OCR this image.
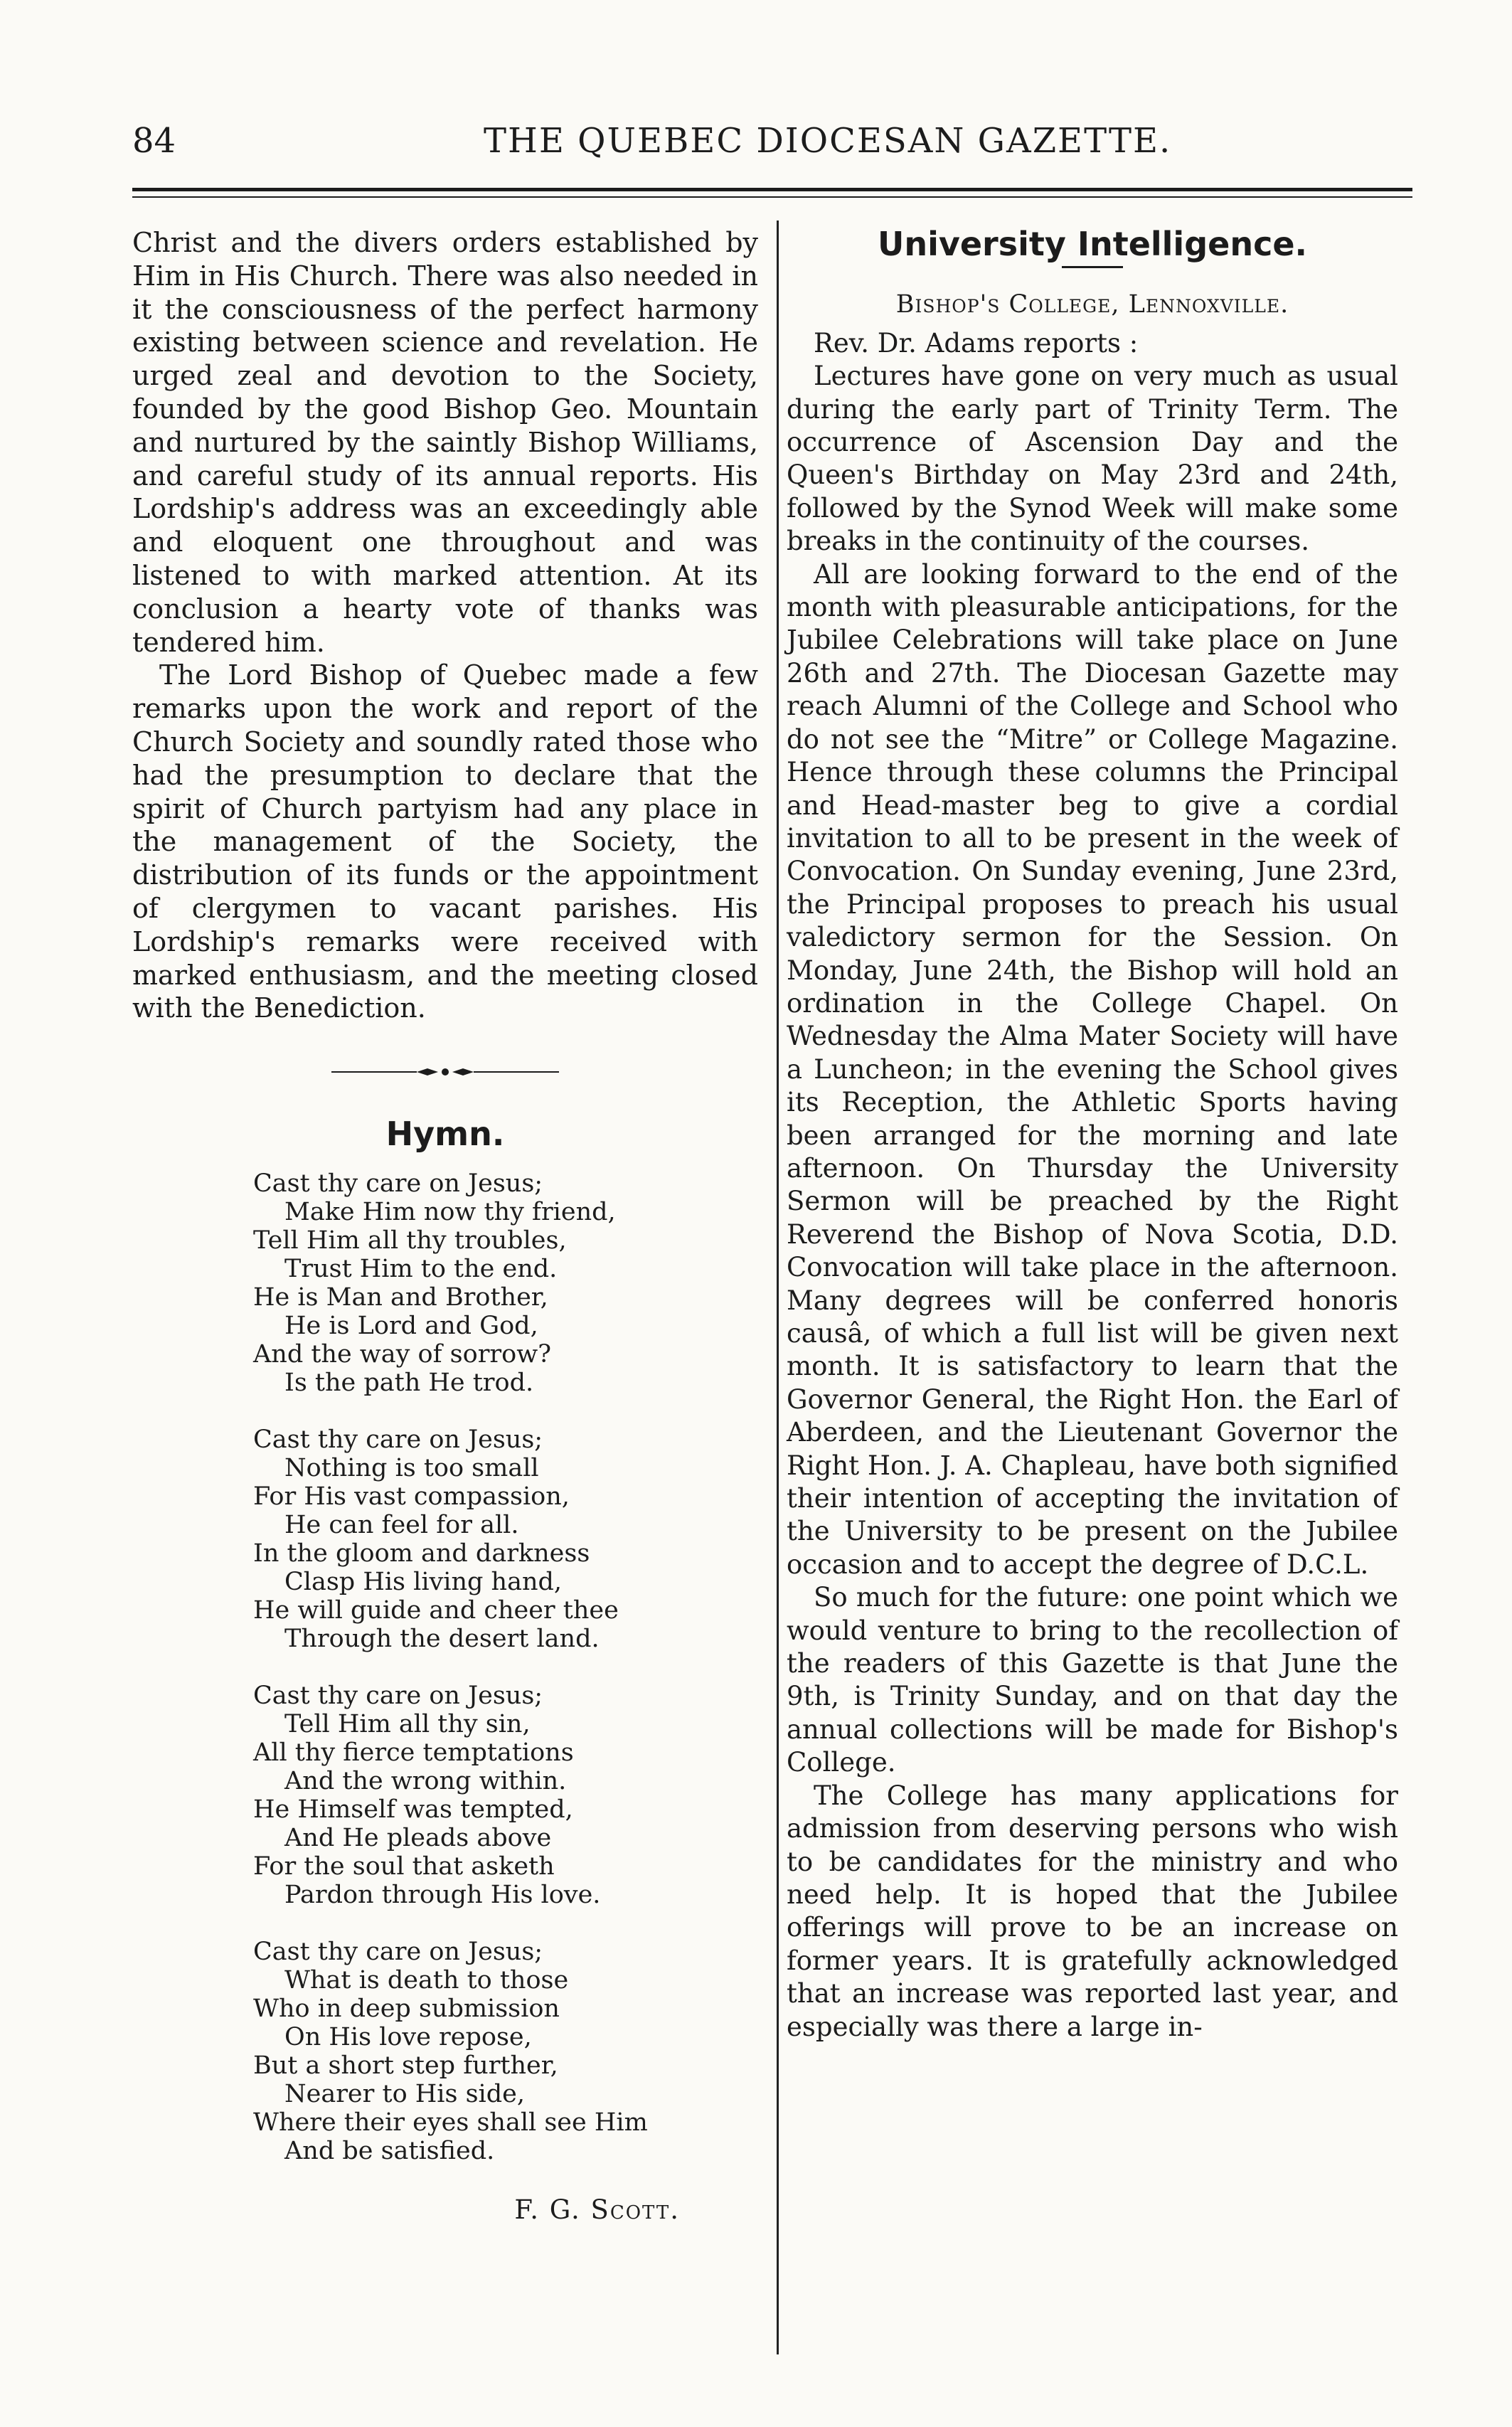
84	THE QUEBEC DIOCESAN GAZETTE.

Christ and the divers orders established by Him in His Church. There was also needed in it the consciousness of the perfect harmony existing between science and revelation. He urged zeal and devotion to the Society, founded by the good Bishop Geo. Mountain and nurtured by the saintly Bishop Williams, and careful study of its annual reports. His Lordship's address was an exceedingly able and eloquent one throughout and was listened to with marked attention. At its conclusion a hearty vote of thanks was tendered him.

The Lord Bishop of Quebec made a few remarks upon the work and report of the Church Society and soundly rated those who had the presumption to declare that the spirit of Church partyism had any place in the management of the Society, the distribution of its funds or the appointment of clergymen to vacant parishes. His Lordship's remarks were received with marked enthusiasm, and the meeting closed with the Benediction.

Hymn.
Cast thy care on Jesus;
Make Him now thy friend,
Tell Him all thy troubles,
Trust Him to the end.
He is Man and Brother,
He is Lord and God,
And the way of sorrow?
Is the path He trod.
Cast thy care on Jesus;
Nothing is too small
For His vast compassion,
He can feel for all.
In the gloom and darkness
Clasp His living hand,
He will guide and cheer thee
Through the desert land.
Cast thy care on Jesus;
Tell Him all thy sin,
All thy fierce temptations
And the wrong within.
He Himself was tempted,
And He pleads above
For the soul that asketh
Pardon through His love.
Cast thy care on Jesus;
What is death to those
Who in deep submission
On His love repose,
But a short step further,
Nearer to His side,
Where their eyes shall see Him
And be satisfied.
F. G. Scott.
University Intelligence.
Bishop's College, Lennoxville.

Rev. Dr. Adams reports :

Lectures have gone on very much as usual during the early part of Trinity Term. The occurrence of Ascension Day and the Queen's Birthday on May 23rd and 24th, followed by the Synod Week will make some breaks in the continuity of the courses.

All are looking forward to the end of the month with pleasurable anticipations, for the Jubilee Celebrations will take place on June 26th and 27th. The Diocesan Gazette may reach Alumni of the College and School who do not see the “Mitre” or College Magazine. Hence through these columns the Principal and Head-master beg to give a cordial invitation to all to be present in the week of Convocation. On Sunday evening, June 23rd, the Principal proposes to preach his usual valedictory sermon for the Session. On Monday, June 24th, the Bishop will hold an ordination in the College Chapel. On Wednesday the Alma Mater Society will have a Luncheon; in the evening the School gives its Reception, the Athletic Sports having been arranged for the morning and late afternoon. On Thursday the University Sermon will be preached by the Right Reverend the Bishop of Nova Scotia, D.D. Convocation will take place in the afternoon. Many degrees will be conferred honoris causâ, of which a full list will be given next month. It is satisfactory to learn that the Governor General, the Right Hon. the Earl of Aberdeen, and the Lieutenant Governor the Right Hon. J. A. Chapleau, have both signified their intention of accepting the invitation of the University to be present on the Jubilee occasion and to accept the degree of D.C.L.

So much for the future: one point which we would venture to bring to the recollection of the readers of this Gazette is that June the 9th, is Trinity Sunday, and on that day the annual collections will be made for Bishop's College.

The College has many applications for admission from deserving persons who wish to be candidates for the ministry and who need help. It is hoped that the Jubilee offerings will prove to be an increase on former years. It is gratefully acknowledged that an increase was reported last year, and especially was there a large in-
